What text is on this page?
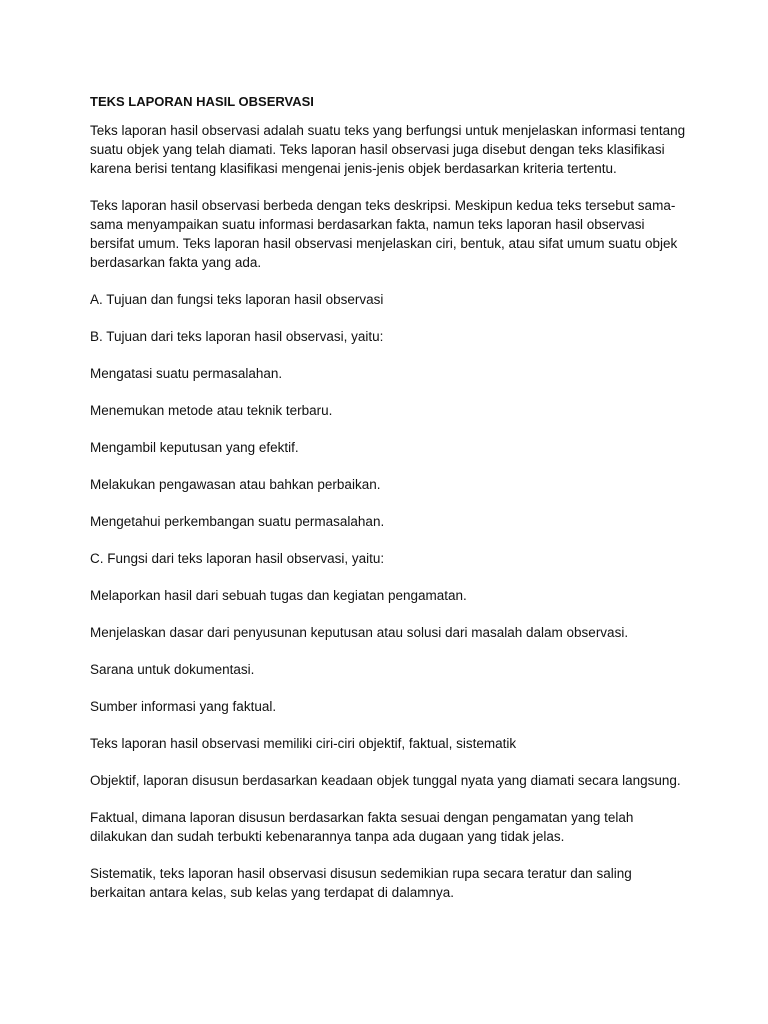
TEKS LAPORAN HASIL OBSERVASI

Teks laporan hasil observasi adalah suatu teks yang berfungsi untuk menjelaskan informasi tentang suatu objek yang telah diamati. Teks laporan hasil observasi juga disebut dengan teks klasifikasi karena berisi tentang klasifikasi mengenai jenis-jenis objek berdasarkan kriteria tertentu.

Teks laporan hasil observasi berbeda dengan teks deskripsi. Meskipun kedua teks tersebut sama-sama menyampaikan suatu informasi berdasarkan fakta, namun teks laporan hasil observasi bersifat umum. Teks laporan hasil observasi menjelaskan ciri, bentuk, atau sifat umum suatu objek berdasarkan fakta yang ada.

A. Tujuan dan fungsi teks laporan hasil observasi

B. Tujuan dari teks laporan hasil observasi, yaitu:

Mengatasi suatu permasalahan.

Menemukan metode atau teknik terbaru.

Mengambil keputusan yang efektif.

Melakukan pengawasan atau bahkan perbaikan.

Mengetahui perkembangan suatu permasalahan.

C. Fungsi dari teks laporan hasil observasi, yaitu:

Melaporkan hasil dari sebuah tugas dan kegiatan pengamatan.

Menjelaskan dasar dari penyusunan keputusan atau solusi dari masalah dalam observasi.

Sarana untuk dokumentasi.

Sumber informasi yang faktual.

Teks laporan hasil observasi memiliki ciri-ciri objektif, faktual, sistematik

Objektif, laporan disusun berdasarkan keadaan objek tunggal nyata yang diamati secara langsung.

Faktual, dimana laporan disusun berdasarkan fakta sesuai dengan pengamatan yang telah dilakukan dan sudah terbukti kebenarannya tanpa ada dugaan yang tidak jelas.

Sistematik, teks laporan hasil observasi disusun sedemikian rupa secara teratur dan saling berkaitan antara kelas, sub kelas yang terdapat di dalamnya.
